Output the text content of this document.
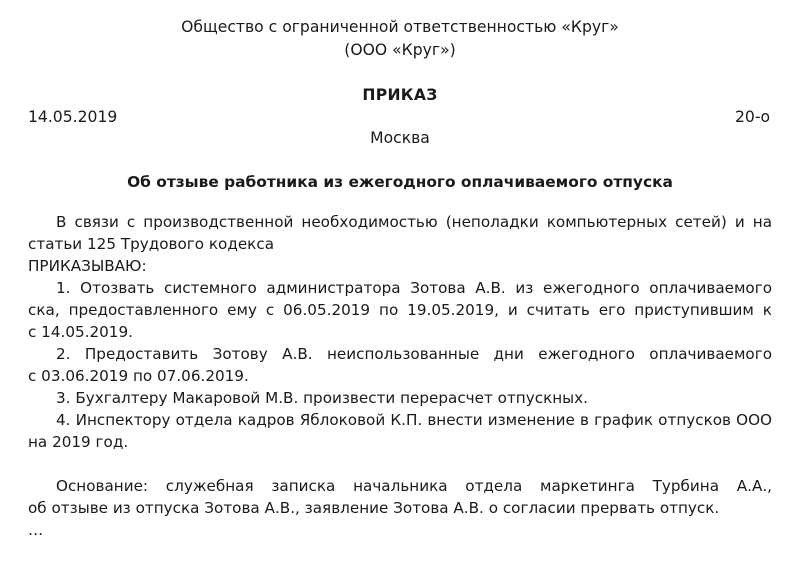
Общество с ограниченной ответственностью «Круг»
(ООО «Круг»)
ПРИКАЗ
14.05.2019	20-о
Москва
Об отзыве работника из ежегодного оплачиваемого отпуска
В связи с производственной необходимостью (неполадки компьютерных сетей) и на
статьи 125 Трудового кодекса
ПРИКАЗЫВАЮ:
1. Отозвать системного администратора Зотова А.В. из ежегодного оплачиваемого
ска, предоставленного ему с 06.05.2019 по 19.05.2019, и считать его приступившим к
с 14.05.2019.
2. Предоставить Зотову А.В. неиспользованные дни ежегодного оплачиваемого
с 03.06.2019 по 07.06.2019.
3. Бухгалтеру Макаровой М.В. произвести перерасчет отпускных.
4. Инспектору отдела кадров Яблоковой К.П. внести изменение в график отпусков ООО
на 2019 год.
Основание: служебная записка начальника отдела маркетинга Турбина А.А.,
об отзыве из отпуска Зотова А.В., заявление Зотова А.В. о согласии прервать отпуск.
…
